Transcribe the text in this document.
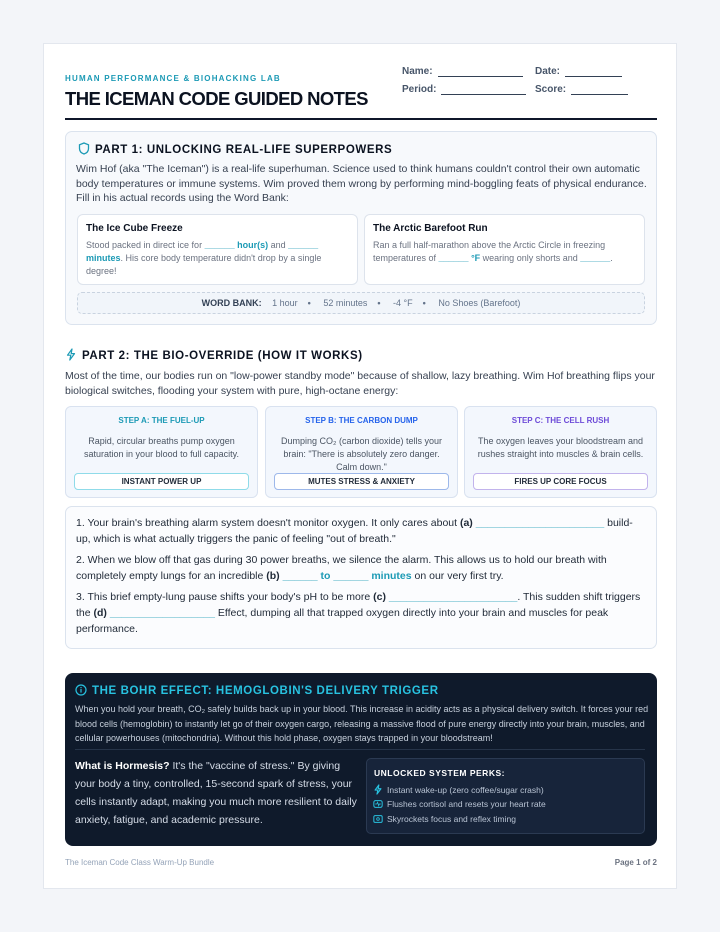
HUMAN PERFORMANCE & BIOHACKING LAB
THE ICEMAN CODE GUIDED NOTES
Name:	Date:
Period:	Score:
PART 1: UNLOCKING REAL-LIFE SUPERPOWERS
Wim Hof (aka "The Iceman") is a real-life superhuman. Science used to think humans couldn't control their own automatic body temperatures or immune systems. Wim proved them wrong by performing mind-boggling feats of physical endurance. Fill in his actual records using the Word Bank:
The Ice Cube Freeze

Stood packed in direct ice for ______ hour(s) and ______ minutes. His core body temperature didn't drop by a single degree!

The Arctic Barefoot Run

Ran a full half-marathon above the Arctic Circle in freezing temperatures of ______ °F wearing only shorts and ______.

WORD BANK: 1 hour • 52 minutes • -4 °F • No Shoes (Barefoot)
PART 2: THE BIO-OVERRIDE (HOW IT WORKS)
Most of the time, our bodies run on "low-power standby mode" because of shallow, lazy breathing. Wim Hof breathing flips your biological switches, flooding your system with pure, high-octane energy:
STEP A: THE FUEL-UP
Rapid, circular breaths pump oxygen saturation in your blood to full capacity.
INSTANT POWER UP
STEP B: THE CARBON DUMP
Dumping CO₂ (carbon dioxide) tells your brain: "There is absolutely zero danger. Calm down."
MUTES STRESS & ANXIETY
STEP C: THE CELL RUSH
The oxygen leaves your bloodstream and rushes straight into muscles & brain cells.
FIRES UP CORE FOCUS
1. Your brain's breathing alarm system doesn't monitor oxygen. It only cares about (a) ______________________ build-up, which is what actually triggers the panic of feeling "out of breath."
2. When we blow off that gas during 30 power breaths, we silence the alarm. This allows us to hold our breath with completely empty lungs for an incredible (b) ______ to ______ minutes on our very first try.
3. This brief empty-lung pause shifts your body's pH to be more (c) ______________________. This sudden shift triggers the (d) __________________ Effect, dumping all that trapped oxygen directly into your brain and muscles for peak performance.
THE BOHR EFFECT: HEMOGLOBIN'S DELIVERY TRIGGER
When you hold your breath, CO₂ safely builds back up in your blood. This increase in acidity acts as a physical delivery switch. It forces your red blood cells (hemoglobin) to instantly let go of their oxygen cargo, releasing a massive flood of pure energy directly into your brain, muscles, and cellular powerhouses (mitochondria). Without this hold phase, oxygen stays trapped in your bloodstream!
What is Hormesis? It's the "vaccine of stress." By giving your body a tiny, controlled, 15-second spark of stress, your cells instantly adapt, making you much more resilient to daily anxiety, fatigue, and academic pressure.
UNLOCKED SYSTEM PERKS:
Instant wake-up (zero coffee/sugar crash)
Flushes cortisol and resets your heart rate
Skyrockets focus and reflex timing
The Iceman Code Class Warm-Up Bundle	Page 1 of 2
